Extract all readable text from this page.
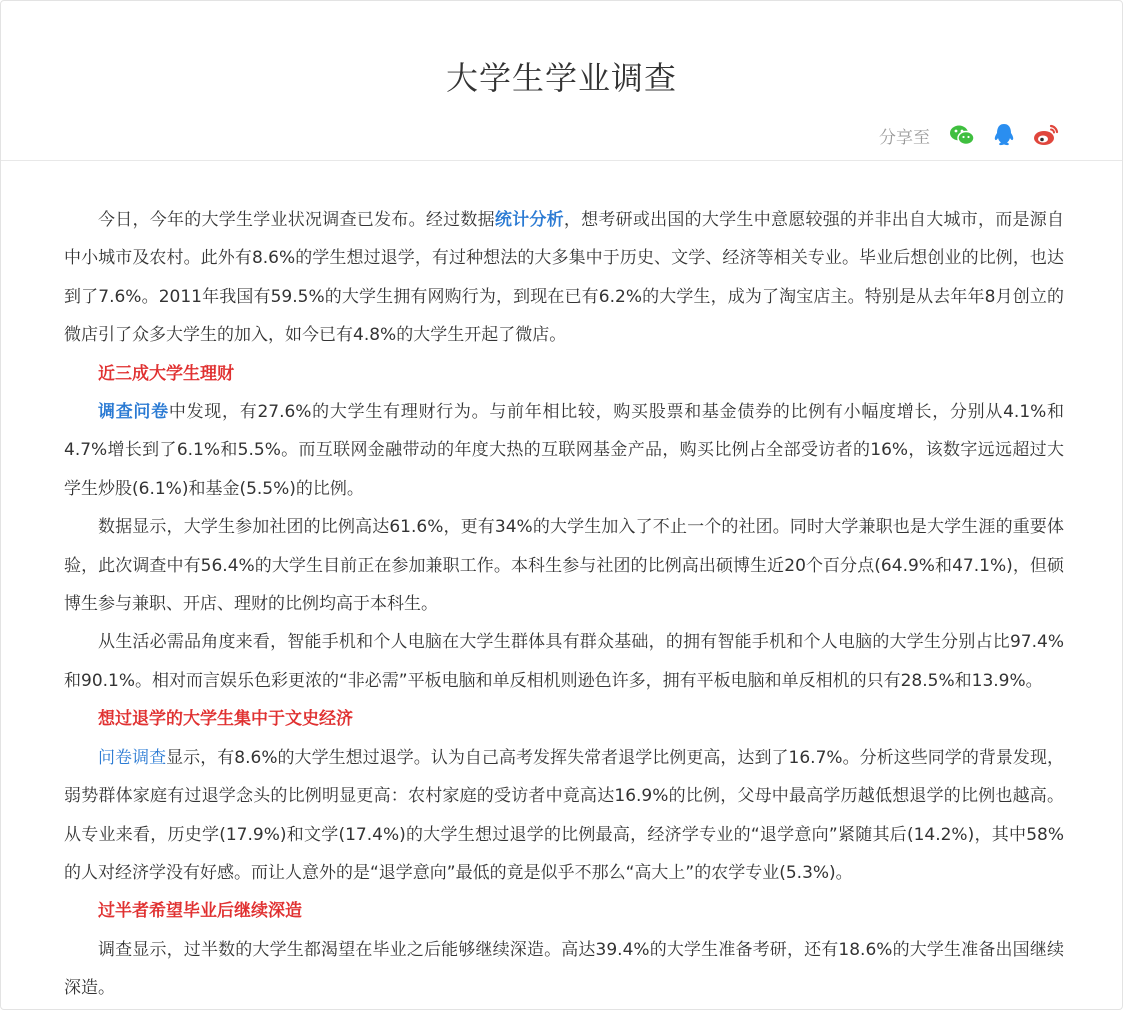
大学生学业调查
分享至

今日，今年的大学生学业状况调查已发布。经过数据统计分析，想考研或出国的大学生中意愿较强的并非出自大城市，而是源自中小城市及农村。此外有8.6%的学生想过退学，有过种想法的大多集中于历史、文学、经济等相关专业。毕业后想创业的比例，也达到了7.6%。2011年我国有59.5%的大学生拥有网购行为，到现在已有6.2%的大学生，成为了淘宝店主。特别是从去年年8月创立的微店引了众多大学生的加入，如今已有4.8%的大学生开起了微店。

近三成大学生理财

调查问卷中发现，有27.6%的大学生有理财行为。与前年相比较，购买股票和基金债券的比例有小幅度增长，分别从4.1%和4.7%增长到了6.1%和5.5%。而互联网金融带动的年度大热的互联网基金产品，购买比例占全部受访者的16%，该数字远远超过大学生炒股(6.1%)和基金(5.5%)的比例。

数据显示，大学生参加社团的比例高达61.6%，更有34%的大学生加入了不止一个的社团。同时大学兼职也是大学生涯的重要体验，此次调查中有56.4%的大学生目前正在参加兼职工作。本科生参与社团的比例高出硕博生近20个百分点(64.9%和47.1%)，但硕博生参与兼职、开店、理财的比例均高于本科生。

从生活必需品角度来看，智能手机和个人电脑在大学生群体具有群众基础，的拥有智能手机和个人电脑的大学生分别占比97.4%和90.1%。相对而言娱乐色彩更浓的“非必需”平板电脑和单反相机则逊色许多，拥有平板电脑和单反相机的只有28.5%和13.9%。

想过退学的大学生集中于文史经济

问卷调查显示，有8.6%的大学生想过退学。认为自己高考发挥失常者退学比例更高，达到了16.7%。分析这些同学的背景发现，弱势群体家庭有过退学念头的比例明显更高：农村家庭的受访者中竟高达16.9%的比例，父母中最高学历越低想退学的比例也越高。从专业来看，历史学(17.9%)和文学(17.4%)的大学生想过退学的比例最高，经济学专业的“退学意向”紧随其后(14.2%)，其中58%的人对经济学没有好感。而让人意外的是“退学意向”最低的竟是似乎不那么“高大上”的农学专业(5.3%)。

过半者希望毕业后继续深造

调查显示，过半数的大学生都渴望在毕业之后能够继续深造。高达39.4%的大学生准备考研，还有18.6%的大学生准备出国继续深造。
